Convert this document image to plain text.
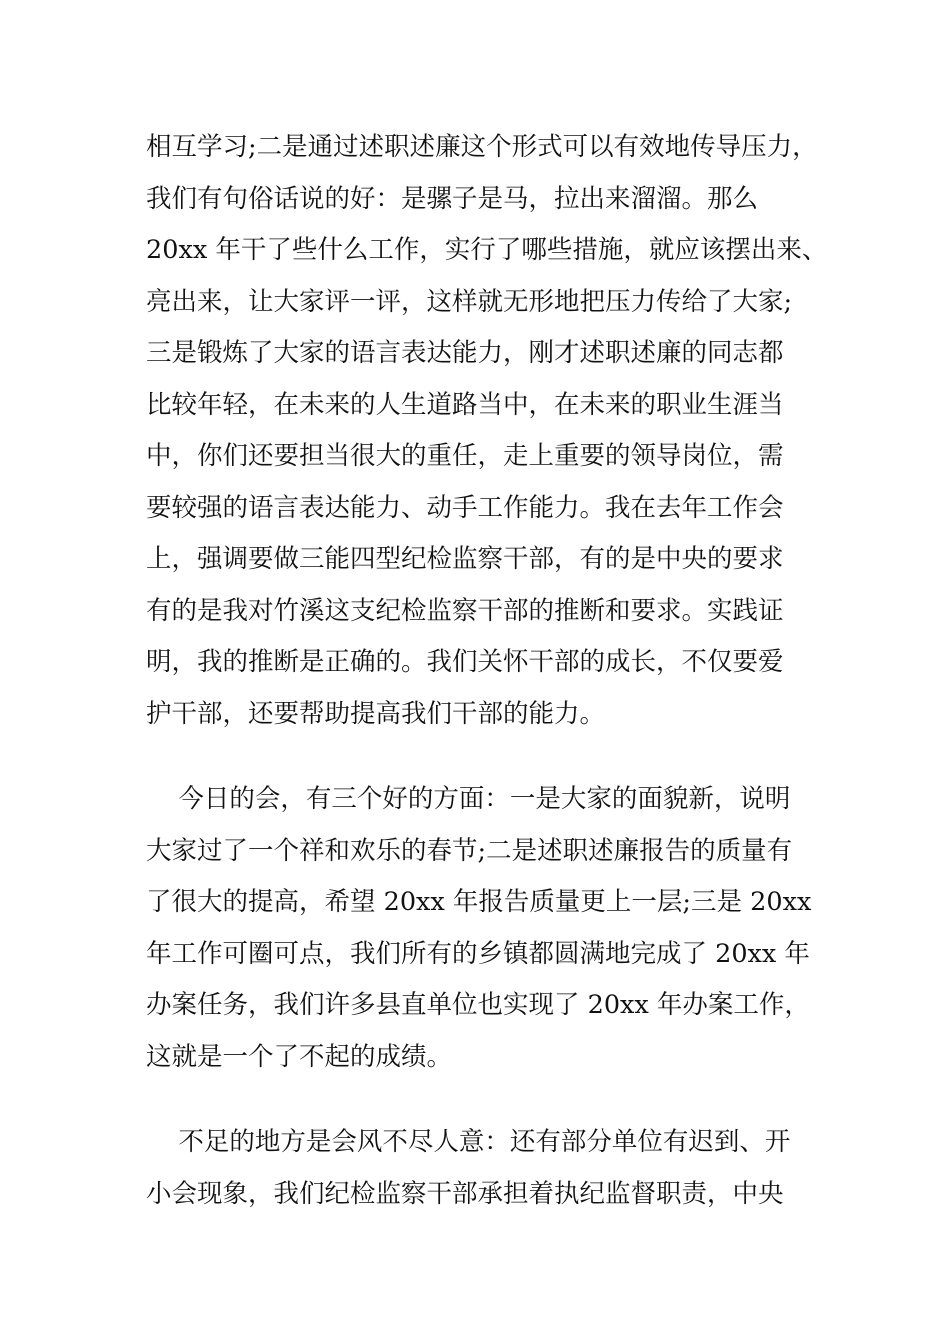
相互学习;二是通过述职述廉这个形式可以有效地传导压力，
我们有句俗话说的好：是骡子是马，拉出来溜溜。那么
20xx 年干了些什么工作，实行了哪些措施，就应该摆出来、
亮出来，让大家评一评，这样就无形地把压力传给了大家;
三是锻炼了大家的语言表达能力，刚才述职述廉的同志都
比较年轻，在未来的人生道路当中，在未来的职业生涯当
中，你们还要担当很大的重任，走上重要的领导岗位，需
要较强的语言表达能力、动手工作能力。我在去年工作会
上，强调要做三能四型纪检监察干部，有的是中央的要求
有的是我对竹溪这支纪检监察干部的推断和要求。实践证
明，我的推断是正确的。我们关怀干部的成长，不仅要爱
护干部，还要帮助提高我们干部的能力。
今日的会，有三个好的方面：一是大家的面貌新，说明
大家过了一个祥和欢乐的春节;二是述职述廉报告的质量有
了很大的提高，希望 20xx 年报告质量更上一层;三是 20xx
年工作可圈可点，我们所有的乡镇都圆满地完成了 20xx 年
办案任务，我们许多县直单位也实现了 20xx 年办案工作，
这就是一个了不起的成绩。
不足的地方是会风不尽人意：还有部分单位有迟到、开
小会现象，我们纪检监察干部承担着执纪监督职责，中央
